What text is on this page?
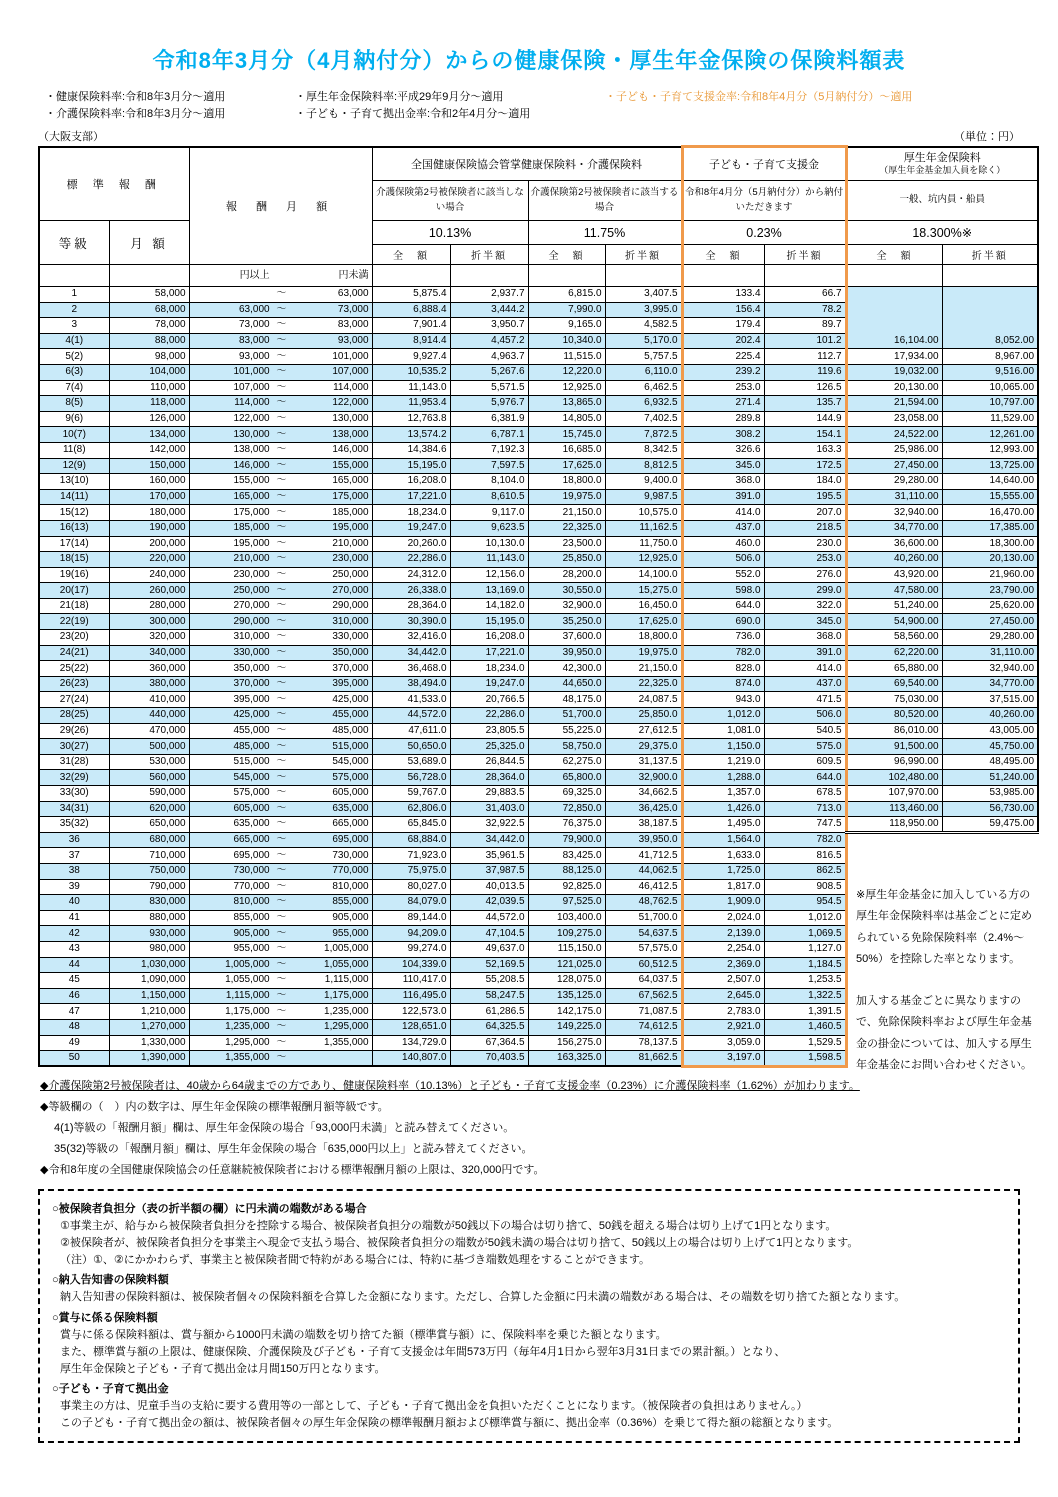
令和8年3月分（4月納付分）からの健康保険・厚生年金保険の保険料額表
・健康保険料率:令和8年3月分～適用
・介護保険料率:令和8年3月分～適用
・厚生年金保険料率:平成29年9月分～適用
・子ども・子育て拠出金率:令和2年4月分～適用
・子ども・子育て支援金率:令和8年4月分（5月納付分）～適用
（大阪支部）	（単位：円）
標 準 報 酬		報 酬 月 額	全国健康保険協会管掌健康保険料・介護保険料				子ども・子育て支援金		厚生年金保険料
（厚生年金基金加入員を除く）	

			介護保険第2号被保険者に該当しない場合		介護保険第2号被保険者に該当する場合		令和8年4月分（5月納付分）から納付いただきます		一般、坑内員・船員	
等級	月 額		10.13%		11.75%		0.23%		18.300%※	
			全　額	折半額	全　額	折半額	全　額	折半額	全　額	折半額

		円以上 円未満								

1	58,000	～ 63,000	5,875.4	2,937.7	6,815.0	3,407.5	133.4	66.7	16,104.00	8,052.00
2	68,000	63,000 ～ 73,000	6,888.4	3,444.2	7,990.0	3,995.0	156.4	78.2		
3	78,000	73,000 ～ 83,000	7,901.4	3,950.7	9,165.0	4,582.5	179.4	89.7		
4(1)	88,000	83,000 ～ 93,000	8,914.4	4,457.2	10,340.0	5,170.0	202.4	101.2		
5(2)	98,000	93,000 ～ 101,000	9,927.4	4,963.7	11,515.0	5,757.5	225.4	112.7	17,934.00	8,967.00
6(3)	104,000	101,000 ～ 107,000	10,535.2	5,267.6	12,220.0	6,110.0	239.2	119.6	19,032.00	9,516.00
7(4)	110,000	107,000 ～ 114,000	11,143.0	5,571.5	12,925.0	6,462.5	253.0	126.5	20,130.00	10,065.00
8(5)	118,000	114,000 ～ 122,000	11,953.4	5,976.7	13,865.0	6,932.5	271.4	135.7	21,594.00	10,797.00
9(6)	126,000	122,000 ～ 130,000	12,763.8	6,381.9	14,805.0	7,402.5	289.8	144.9	23,058.00	11,529.00
10(7)	134,000	130,000 ～ 138,000	13,574.2	6,787.1	15,745.0	7,872.5	308.2	154.1	24,522.00	12,261.00
11(8)	142,000	138,000 ～ 146,000	14,384.6	7,192.3	16,685.0	8,342.5	326.6	163.3	25,986.00	12,993.00
12(9)	150,000	146,000 ～ 155,000	15,195.0	7,597.5	17,625.0	8,812.5	345.0	172.5	27,450.00	13,725.00
13(10)	160,000	155,000 ～ 165,000	16,208.0	8,104.0	18,800.0	9,400.0	368.0	184.0	29,280.00	14,640.00
14(11)	170,000	165,000 ～ 175,000	17,221.0	8,610.5	19,975.0	9,987.5	391.0	195.5	31,110.00	15,555.00
15(12)	180,000	175,000 ～ 185,000	18,234.0	9,117.0	21,150.0	10,575.0	414.0	207.0	32,940.00	16,470.00
16(13)	190,000	185,000 ～ 195,000	19,247.0	9,623.5	22,325.0	11,162.5	437.0	218.5	34,770.00	17,385.00
17(14)	200,000	195,000 ～ 210,000	20,260.0	10,130.0	23,500.0	11,750.0	460.0	230.0	36,600.00	18,300.00
18(15)	220,000	210,000 ～ 230,000	22,286.0	11,143.0	25,850.0	12,925.0	506.0	253.0	40,260.00	20,130.00
19(16)	240,000	230,000 ～ 250,000	24,312.0	12,156.0	28,200.0	14,100.0	552.0	276.0	43,920.00	21,960.00
20(17)	260,000	250,000 ～ 270,000	26,338.0	13,169.0	30,550.0	15,275.0	598.0	299.0	47,580.00	23,790.00
21(18)	280,000	270,000 ～ 290,000	28,364.0	14,182.0	32,900.0	16,450.0	644.0	322.0	51,240.00	25,620.00
22(19)	300,000	290,000 ～ 310,000	30,390.0	15,195.0	35,250.0	17,625.0	690.0	345.0	54,900.00	27,450.00
23(20)	320,000	310,000 ～ 330,000	32,416.0	16,208.0	37,600.0	18,800.0	736.0	368.0	58,560.00	29,280.00
24(21)	340,000	330,000 ～ 350,000	34,442.0	17,221.0	39,950.0	19,975.0	782.0	391.0	62,220.00	31,110.00
25(22)	360,000	350,000 ～ 370,000	36,468.0	18,234.0	42,300.0	21,150.0	828.0	414.0	65,880.00	32,940.00
26(23)	380,000	370,000 ～ 395,000	38,494.0	19,247.0	44,650.0	22,325.0	874.0	437.0	69,540.00	34,770.00
27(24)	410,000	395,000 ～ 425,000	41,533.0	20,766.5	48,175.0	24,087.5	943.0	471.5	75,030.00	37,515.00
28(25)	440,000	425,000 ～ 455,000	44,572.0	22,286.0	51,700.0	25,850.0	1,012.0	506.0	80,520.00	40,260.00
29(26)	470,000	455,000 ～ 485,000	47,611.0	23,805.5	55,225.0	27,612.5	1,081.0	540.5	86,010.00	43,005.00
30(27)	500,000	485,000 ～ 515,000	50,650.0	25,325.0	58,750.0	29,375.0	1,150.0	575.0	91,500.00	45,750.00
31(28)	530,000	515,000 ～ 545,000	53,689.0	26,844.5	62,275.0	31,137.5	1,219.0	609.5	96,990.00	48,495.00
32(29)	560,000	545,000 ～ 575,000	56,728.0	28,364.0	65,800.0	32,900.0	1,288.0	644.0	102,480.00	51,240.00
33(30)	590,000	575,000 ～ 605,000	59,767.0	29,883.5	69,325.0	34,662.5	1,357.0	678.5	107,970.00	53,985.00
34(31)	620,000	605,000 ～ 635,000	62,806.0	31,403.0	72,850.0	36,425.0	1,426.0	713.0	113,460.00	56,730.00
35(32)	650,000	635,000 ～ 665,000	65,845.0	32,922.5	76,375.0	38,187.5	1,495.0	747.5	118,950.00	59,475.00
36	680,000	665,000 ～ 695,000	68,884.0	34,442.0	79,900.0	39,950.0	1,564.0	782.0		
37	710,000	695,000 ～ 730,000	71,923.0	35,961.5	83,425.0	41,712.5	1,633.0	816.5		
38	750,000	730,000 ～ 770,000	75,975.0	37,987.5	88,125.0	44,062.5	1,725.0	862.5		
39	790,000	770,000 ～ 810,000	80,027.0	40,013.5	92,825.0	46,412.5	1,817.0	908.5		
40	830,000	810,000 ～ 855,000	84,079.0	42,039.5	97,525.0	48,762.5	1,909.0	954.5		
41	880,000	855,000 ～ 905,000	89,144.0	44,572.0	103,400.0	51,700.0	2,024.0	1,012.0		
42	930,000	905,000 ～ 955,000	94,209.0	47,104.5	109,275.0	54,637.5	2,139.0	1,069.5		
43	980,000	955,000 ～ 1,005,000	99,274.0	49,637.0	115,150.0	57,575.0	2,254.0	1,127.0		
44	1,030,000	1,005,000 ～ 1,055,000	104,339.0	52,169.5	121,025.0	60,512.5	2,369.0	1,184.5		
45	1,090,000	1,055,000 ～ 1,115,000	110,417.0	55,208.5	128,075.0	64,037.5	2,507.0	1,253.5		
46	1,150,000	1,115,000 ～ 1,175,000	116,495.0	58,247.5	135,125.0	67,562.5	2,645.0	1,322.5		
47	1,210,000	1,175,000 ～ 1,235,000	122,573.0	61,286.5	142,175.0	71,087.5	2,783.0	1,391.5		
48	1,270,000	1,235,000 ～ 1,295,000	128,651.0	64,325.5	149,225.0	74,612.5	2,921.0	1,460.5		
49	1,330,000	1,295,000 ～ 1,355,000	134,729.0	67,364.5	156,275.0	78,137.5	3,059.0	1,529.5		
50	1,390,000	1,355,000 ～	140,807.0	70,403.5	163,325.0	81,662.5	3,197.0	1,598.5		

※厚生年金基金に加入している方の厚生年金保険料率は基金ごとに定められている免除保険料率（2.4%～50%）を控除した率となります。

加入する基金ごとに異なりますので、免除保険料率および厚生年金基金の掛金については、加入する厚生年金基金にお問い合わせください。

◆介護保険第2号被保険者は、40歳から64歳までの方であり、健康保険料率（10.13%）と子ども・子育て支援金率（0.23%）に介護保険料率（1.62%）が加わります。
◆等級欄の（　）内の数字は、厚生年金保険の標準報酬月額等級です。
4(1)等級の「報酬月額」欄は、厚生年金保険の場合「93,000円未満」と読み替えてください。
35(32)等級の「報酬月額」欄は、厚生年金保険の場合「635,000円以上」と読み替えてください。
◆令和8年度の全国健康保険協会の任意継続被保険者における標準報酬月額の上限は、320,000円です。
○被保険者負担分（表の折半額の欄）に円未満の端数がある場合
①事業主が、給与から被保険者負担分を控除する場合、被保険者負担分の端数が50銭以下の場合は切り捨て、50銭を超える場合は切り上げて1円となります。
②被保険者が、被保険者負担分を事業主へ現金で支払う場合、被保険者負担分の端数が50銭未満の場合は切り捨て、50銭以上の場合は切り上げて1円となります。
（注）①、②にかかわらず、事業主と被保険者間で特約がある場合には、特約に基づき端数処理をすることができます。
○納入告知書の保険料額
納入告知書の保険料額は、被保険者個々の保険料額を合算した金額になります。ただし、合算した金額に円未満の端数がある場合は、その端数を切り捨てた額となります。
○賞与に係る保険料額
賞与に係る保険料額は、賞与額から1000円未満の端数を切り捨てた額（標準賞与額）に、保険料率を乗じた額となります。
また、標準賞与額の上限は、健康保険、介護保険及び子ども・子育て支援金は年間573万円（毎年4月1日から翌年3月31日までの累計額。）となり、
厚生年金保険と子ども・子育て拠出金は月間150万円となります。
○子ども・子育て拠出金
事業主の方は、児童手当の支給に要する費用等の一部として、子ども・子育て拠出金を負担いただくことになります。（被保険者の負担はありません。）
この子ども・子育て拠出金の額は、被保険者個々の厚生年金保険の標準報酬月額および標準賞与額に、拠出金率（0.36%）を乗じて得た額の総額となります。
